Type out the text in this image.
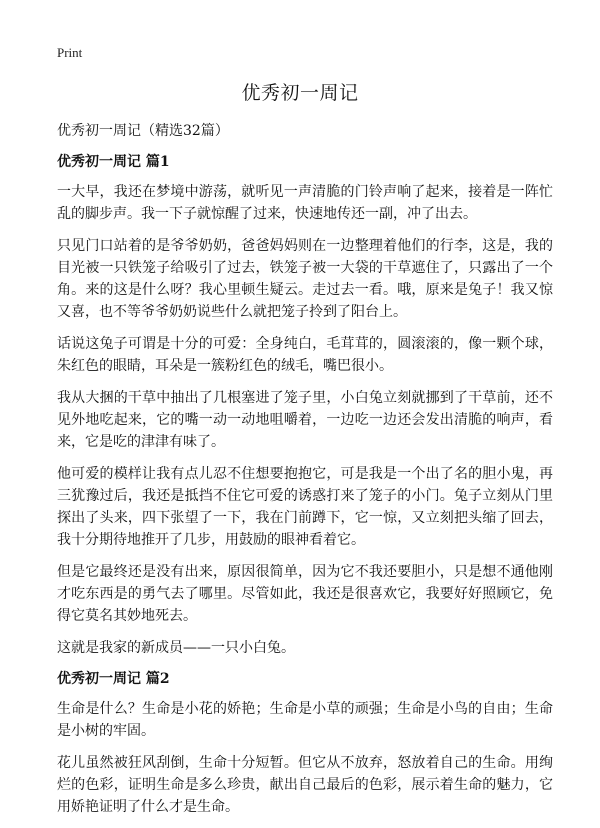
Print
优秀初一周记

优秀初一周记（精选32篇）

优秀初一周记 篇1

一大早，我还在梦境中游荡，就听见一声清脆的门铃声响了起来，接着是一阵忙乱的脚步声。我一下子就惊醒了过来，快速地传还一副，冲了出去。

只见门口站着的是爷爷奶奶，爸爸妈妈则在一边整理着他们的行李，这是，我的目光被一只铁笼子给吸引了过去，铁笼子被一大袋的干草遮住了，只露出了一个角。来的这是什么呀？我心里顿生疑云。走过去一看。哦，原来是兔子！我又惊又喜，也不等爷爷奶奶说些什么就把笼子拎到了阳台上。

话说这兔子可谓是十分的可爱：全身纯白，毛茸茸的，圆滚滚的，像一颗个球，朱红色的眼睛，耳朵是一簇粉红色的绒毛，嘴巴很小。

我从大捆的干草中抽出了几根塞进了笼子里，小白兔立刻就挪到了干草前，还不见外地吃起来，它的嘴一动一动地咀嚼着，一边吃一边还会发出清脆的响声，看来，它是吃的津津有味了。

他可爱的模样让我有点儿忍不住想要抱抱它，可是我是一个出了名的胆小鬼，再三犹豫过后，我还是抵挡不住它可爱的诱惑打来了笼子的小门。兔子立刻从门里探出了头来，四下张望了一下，我在门前蹲下，它一惊，又立刻把头缩了回去，我十分期待地推开了几步，用鼓励的眼神看着它。

但是它最终还是没有出来，原因很简单，因为它不我还要胆小，只是想不通他刚才吃东西是的勇气去了哪里。尽管如此，我还是很喜欢它，我要好好照顾它，免得它莫名其妙地死去。

这就是我家的新成员——一只小白兔。

优秀初一周记 篇2

生命是什么？生命是小花的娇艳；生命是小草的顽强；生命是小鸟的自由；生命是小树的牢固。

花儿虽然被狂风刮倒，生命十分短暂。但它从不放弃，怒放着自己的生命。用绚烂的色彩，证明生命是多么珍贵，献出自己最后的色彩，展示着生命的魅力，它用娇艳证明了什么才是生命。
